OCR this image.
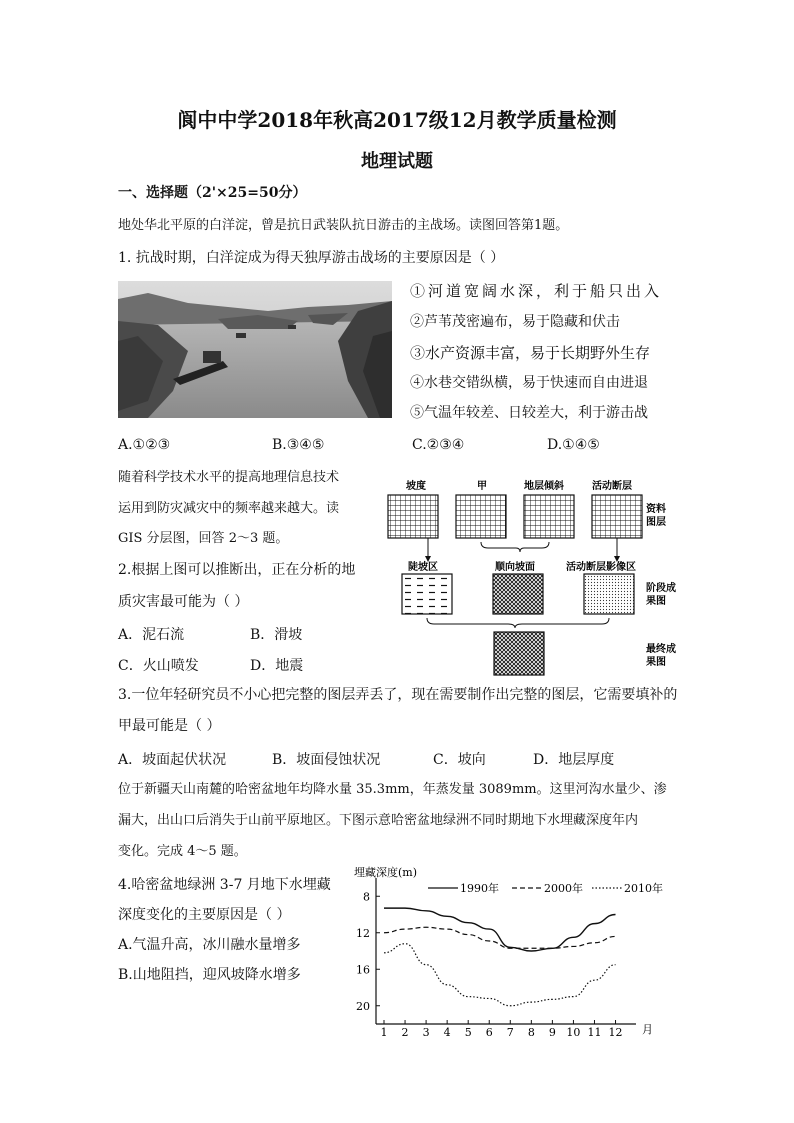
阆中中学2018年秋高2017级12月教学质量检测
地理试题
一、选择题（2'×25=50分）
地处华北平原的白洋淀，曾是抗日武装队抗日游击的主战场。读图回答第1题。
1. 抗战时期，白洋淀成为得天独厚游击战场的主要原因是（ ）
①河道宽阔水深，利于船只出入
②芦苇茂密遍布，易于隐藏和伏击
③水产资源丰富，易于长期野外生存
④水巷交错纵横，易于快速而自由进退
⑤气温年较差、日较差大，利于游击战
A.①②③	B.③④⑤	C.②③④	D.①④⑤
随着科学技术水平的提高地理信息技术
运用到防灾减灾中的频率越来越大。读
GIS 分层图，回答 2～3 题。
坡度	甲	地层倾斜	活动断层
资料
图层
陡坡区	顺向坡面	活动断层影像区
阶段成
果图
最终成
果图
2.根据上图可以推断出，正在分析的地
质灾害最可能为（ ）
A．泥石流	B．滑坡
C．火山喷发	D．地震
3.一位年轻研究员不小心把完整的图层弄丢了，现在需要制作出完整的图层，它需要填补的
甲最可能是（ ）
A．坡面起伏状况	B．坡面侵蚀状况	C．坡向	D．地层厚度
位于新疆天山南麓的哈密盆地年均降水量 35.3mm，年蒸发量 3089mm。这里河沟水量少、渗
漏大，出山口后消失于山前平原地区。下图示意哈密盆地绿洲不同时期地下水埋藏深度年内
变化。完成 4～5 题。
4.哈密盆地绿洲 3-7 月地下水埋藏
深度变化的主要原因是（ ）
A.气温升高，冰川融水量增多
B.山地阻挡，迎风坡降水增多
埋藏深度(m)
1990年	2000年	2010年
8
12
16
20
1 2 3 4 5 6 7 8 9 10 11 12 月
